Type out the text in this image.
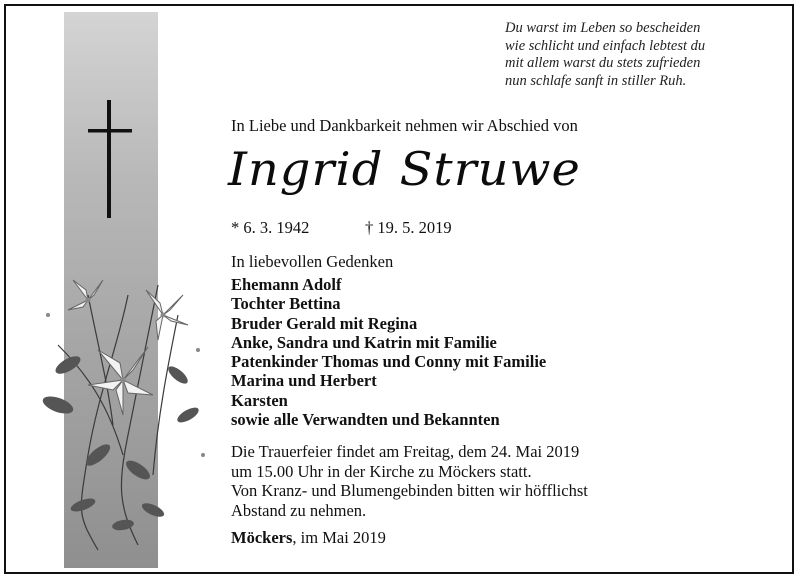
Du warst im Leben so bescheiden
wie schlicht und einfach lebtest du
mit allem warst du stets zufrieden
nun schlafe sanft in stiller Ruh.
In Liebe und Dankbarkeit nehmen wir Abschied von
Ingrid Struwe
* 6. 3. 1942	† 19. 5. 2019
In liebevollen Gedenken
Ehemann Adolf
Tochter Bettina
Bruder Gerald mit Regina
Anke, Sandra und Katrin mit Familie
Patenkinder Thomas und Conny mit Familie
Marina und Herbert
Karsten
sowie alle Verwandten und Bekannten
Die Trauerfeier findet am Freitag, dem 24. Mai 2019
um 15.00 Uhr in der Kirche zu Möckers statt.
Von Kranz- und Blumengebinden bitten wir höfflichst
Abstand zu nehmen.
Möckers, im Mai 2019
